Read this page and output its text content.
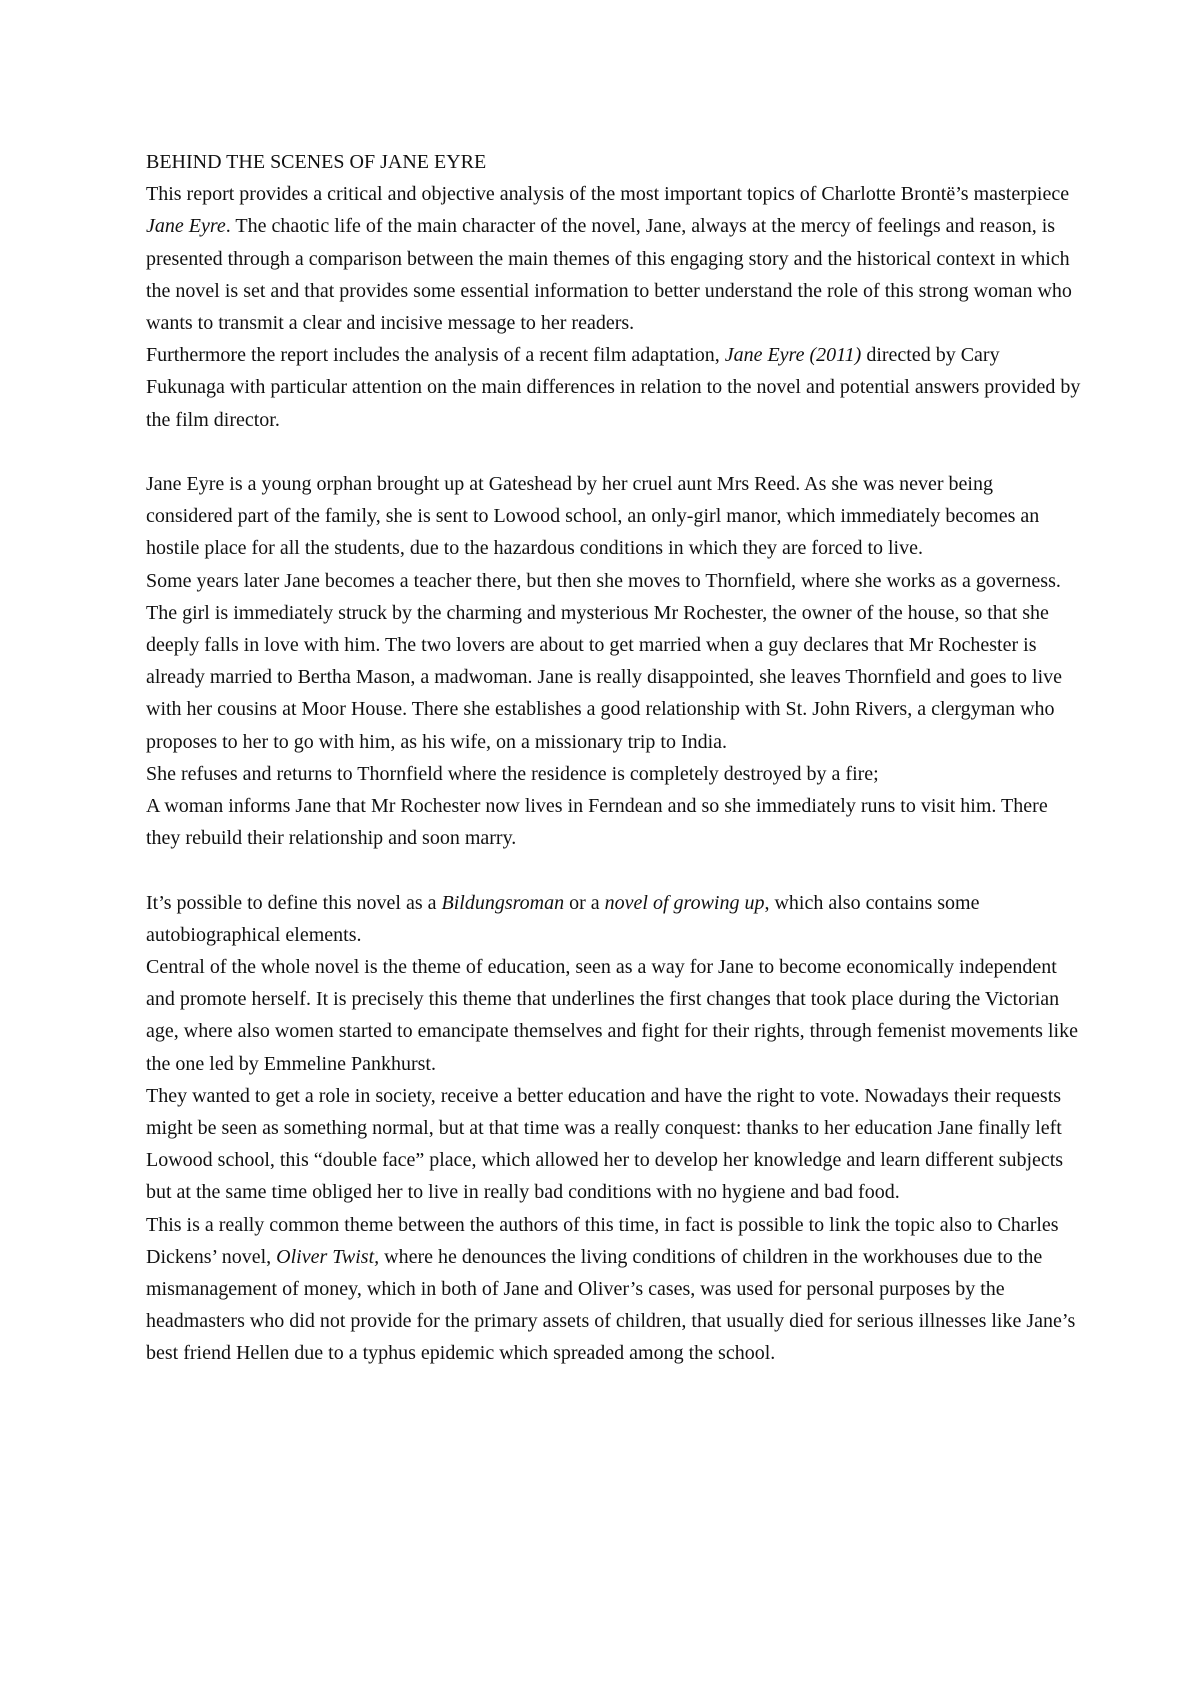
BEHIND THE SCENES OF JANE EYRE

This report provides a critical and objective analysis of the most important topics of Charlotte Brontë’s masterpiece Jane Eyre. The chaotic life of the main character of the novel, Jane, always at the mercy of feelings and reason, is presented through a comparison between the main themes of this engaging story and the historical context in which the novel is set and that provides some essential information to better understand the role of this strong woman who wants to transmit a clear and incisive message to her readers.

Furthermore the report includes the analysis of a recent film adaptation, Jane Eyre (2011) directed by Cary Fukunaga with particular attention on the main differences in relation to the novel and potential answers provided by the film director.

Jane Eyre is a young orphan brought up at Gateshead by her cruel aunt Mrs Reed. As she was never being considered part of the family, she is sent to Lowood school, an only-girl manor, which immediately becomes an hostile place for all the students, due to the hazardous conditions in which they are forced to live.

Some years later Jane becomes a teacher there, but then she moves to Thornfield, where she works as a governess. The girl is immediately struck by the charming and mysterious Mr Rochester, the owner of the house, so that she deeply falls in love with him. The two lovers are about to get married when a guy declares that Mr Rochester is already married to Bertha Mason, a madwoman. Jane is really disappointed, she leaves Thornfield and goes to live with her cousins at Moor House. There she establishes a good relationship with St. John Rivers, a clergyman who proposes to her to go with him, as his wife, on a missionary trip to India.

She refuses and returns to Thornfield where the residence is completely destroyed by a fire;

A woman informs Jane that Mr Rochester now lives in Ferndean and so she immediately runs to visit him. There they rebuild their relationship and soon marry.

It’s possible to define this novel as a Bildungsroman or a novel of growing up, which also contains some autobiographical elements.

Central of the whole novel is the theme of education, seen as a way for Jane to become economically independent and promote herself. It is precisely this theme that underlines the first changes that took place during the Victorian age, where also women started to emancipate themselves and fight for their rights, through femenist movements like the one led by Emmeline Pankhurst.

They wanted to get a role in society, receive a better education and have the right to vote. Nowadays their requests might be seen as something normal, but at that time was a really conquest: thanks to her education Jane finally left Lowood school, this “double face” place, which allowed her to develop her knowledge and learn different subjects but at the same time obliged her to live in really bad conditions with no hygiene and bad food.

This is a really common theme between the authors of this time, in fact is possible to link the topic also to Charles Dickens’ novel, Oliver Twist, where he denounces the living conditions of children in the workhouses due to the mismanagement of money, which in both of Jane and Oliver’s cases, was used for personal purposes by the headmasters who did not provide for the primary assets of children, that usually died for serious illnesses like Jane’s best friend Hellen due to a typhus epidemic which spreaded among the school.
